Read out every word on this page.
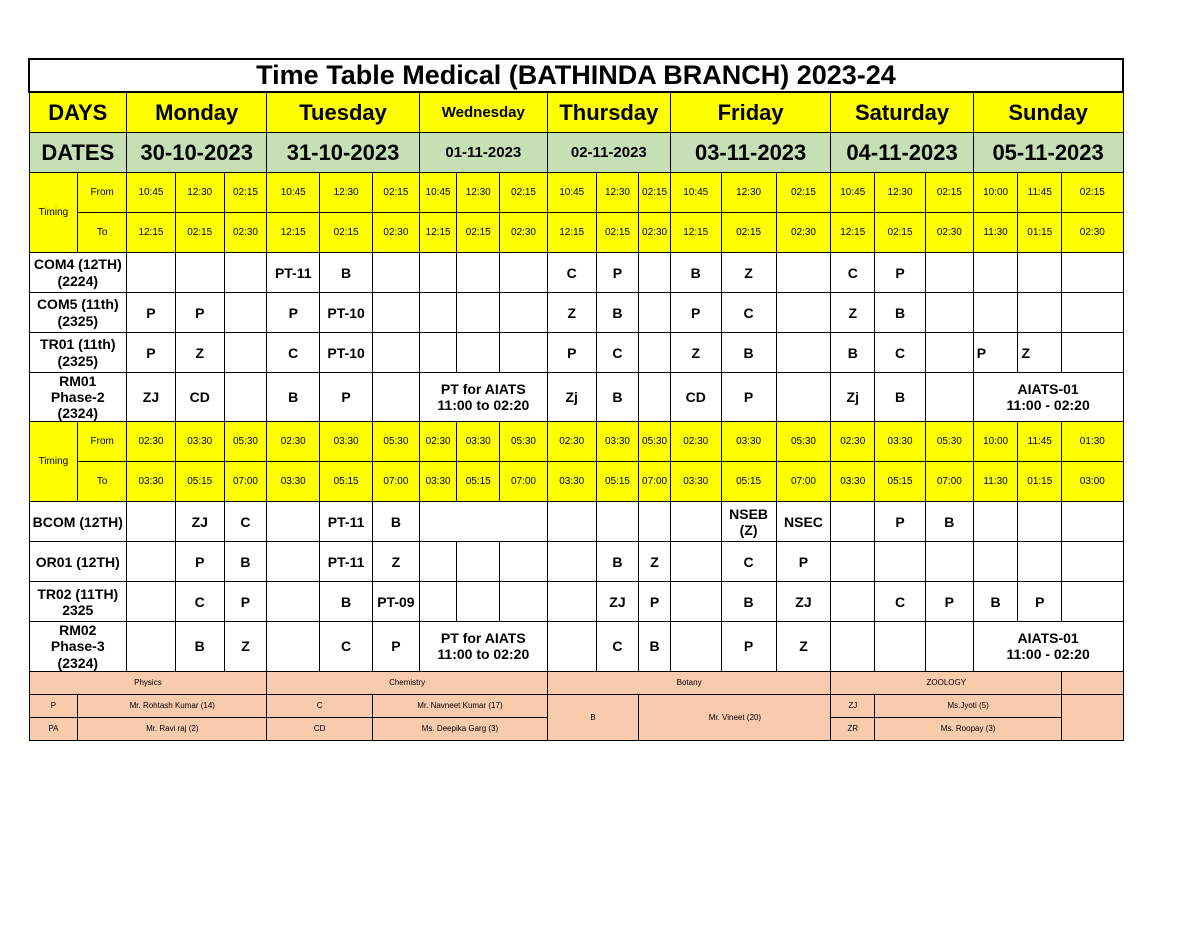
Time Table Medical (BATHINDA BRANCH) 2023-24																						
DAYS		Monday			Tuesday			Wednesday			Thursday			Friday			Saturday			Sunday		
DATES		30-10-2023			31-10-2023			01-11-2023			02-11-2023			03-11-2023			04-11-2023			05-11-2023		
Timing	From	10:45	12:30	02:15	10:45	12:30	02:15	10:45	12:30	02:15	10:45	12:30	02:15	10:45	12:30	02:15	10:45	12:30	02:15	10:00	11:45	02:15
	To	12:15	02:15	02:30	12:15	02:15	02:30	12:15	02:15	02:30	12:15	02:15	02:30	12:15	02:15	02:30	12:15	02:15	02:30	11:30	01:15	02:30
COM4 (12TH)
(2224)					PT-11	B					C	P		B	Z		C	P				
COM5 (11th)
(2325)		P	P		P	PT-10					Z	B		P	C		Z	B				
TR01 (11th)
(2325)		P	Z		C	PT-10					P	C		Z	B		B	C		P	Z	
RM01
Phase-2
(2324)		ZJ	CD		B	P		PT for AIATS
11:00 to 02:20			Zj	B		CD	P		Zj	B		AIATS-01
11:00 - 02:20		
Timing	From	02:30	03:30	05:30	02:30	03:30	05:30	02:30	03:30	05:30	02:30	03:30	05:30	02:30	03:30	05:30	02:30	03:30	05:30	10:00	11:45	01:30
	To	03:30	05:15	07:00	03:30	05:15	07:00	03:30	05:15	07:00	03:30	05:15	07:00	03:30	05:15	07:00	03:30	05:15	07:00	11:30	01:15	03:00
BCOM (12TH)			ZJ	C		PT-11	B								NSEB
(Z)	NSEC		P	B			
OR01 (12TH)			P	B		PT-11	Z					B	Z		C	P						
TR02 (11TH)
2325			C	P		B	PT-09					ZJ	P		B	ZJ		C	P	B	P	
RM02
Phase-3
(2324)			B	Z		C	P	PT for AIATS
11:00 to 02:20				C	B		P	Z				AIATS-01
11:00 - 02:20		
Physics					Chemistry						Botany						ZOOLOGY					
P	Mr. Rohtash Kumar (14)				C		Mr. Navneet Kumar (17)				B		Mr. Vineet (20)				ZJ	Ms.Jyoti (5)				
PA	Mr. Ravi raj (2)				CD		Ms. Deepika Garg (3)										ZR	Ms. Roopay (3)				
